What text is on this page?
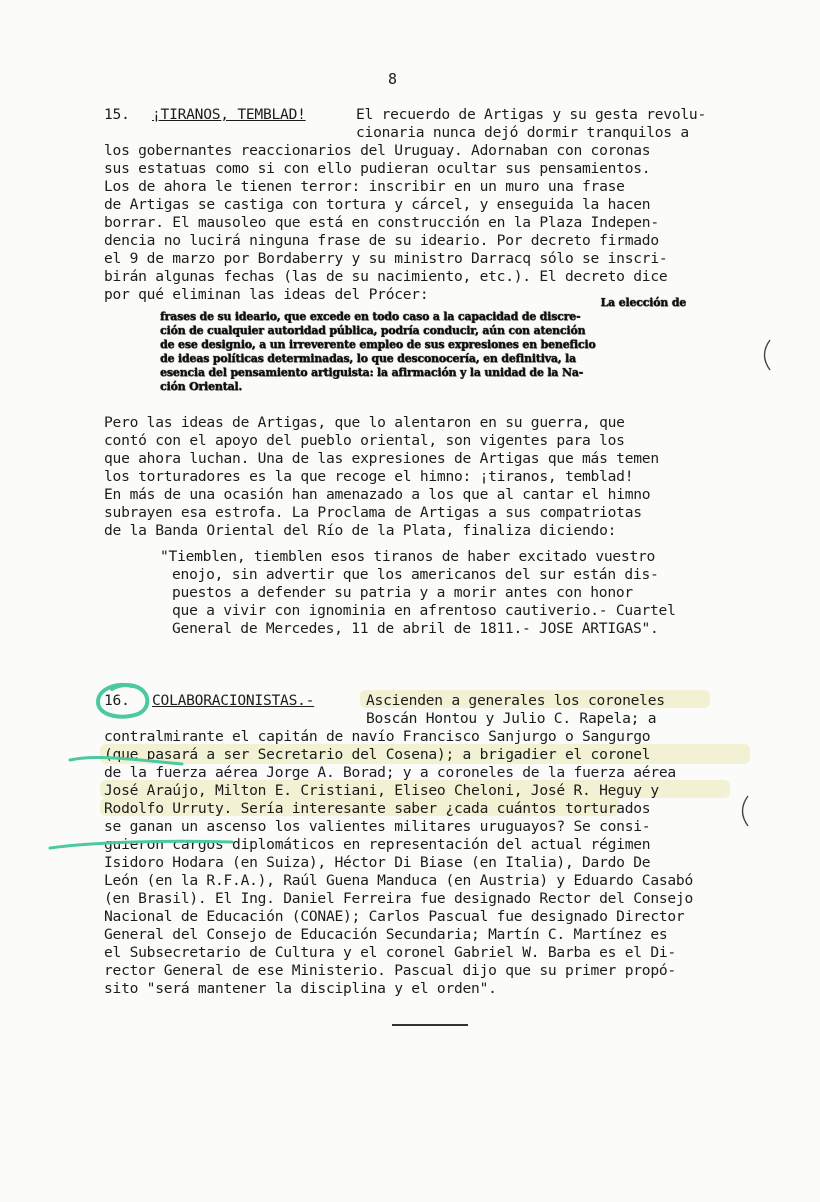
8
15. ¡TIRANOS, TEMBLAD!	El recuerdo de Artigas y su gesta revolu-
cionaria nunca dejó dormir tranquilos a
los gobernantes reaccionarios del Uruguay. Adornaban con coronas
sus estatuas como si con ello pudieran ocultar sus pensamientos.
Los de ahora le tienen terror: inscribir en un muro una frase
de Artigas se castiga con tortura y cárcel, y enseguida la hacen
borrar. El mausoleo que está en construcción en la Plaza Indepen-
dencia no lucirá ninguna frase de su ideario. Por decreto firmado
el 9 de marzo por Bordaberry y su ministro Darracq sólo se inscri-
birán algunas fechas (las de su nacimiento, etc.). El decreto dice
por qué eliminan las ideas del Prócer:	La elección de
frases de su ideario, que excede en todo caso a la capacidad de discre-
ción de cualquier autoridad pública, podría conducir, aún con atención
de ese designio, a un irreverente empleo de sus expresiones en beneficio
de ideas políticas determinadas, lo que desconocería, en definitiva, la
esencia del pensamiento artiguista: la afirmación y la unidad de la Na-
ción Oriental.
Pero las ideas de Artigas, que lo alentaron en su guerra, que
contó con el apoyo del pueblo oriental, son vigentes para los
que ahora luchan. Una de las expresiones de Artigas que más temen
los torturadores es la que recoge el himno: ¡tiranos, temblad!
En más de una ocasión han amenazado a los que al cantar el himno
subrayen esa estrofa. La Proclama de Artigas a sus compatriotas
de la Banda Oriental del Río de la Plata, finaliza diciendo:
"Tiemblen, tiemblen esos tiranos de haber excitado vuestro
enojo, sin advertir que los americanos del sur están dis-
puestos a defender su patria y a morir antes con honor
que a vivir con ignominia en afrentoso cautiverio.- Cuartel
General de Mercedes, 11 de abril de 1811.- JOSE ARTIGAS".
16. COLABORACIONISTAS.-	Ascienden a generales los coroneles
Boscán Hontou y Julio C. Rapela; a
contralmirante el capitán de navío Francisco Sanjurgo o Sangurgo
(que pasará a ser Secretario del Cosena); a brigadier el coronel
de la fuerza aérea Jorge A. Borad; y a coroneles de la fuerza aérea
José Araújo, Milton E. Cristiani, Eliseo Cheloni, José R. Heguy y
Rodolfo Urruty. Sería interesante saber ¿cada cuántos torturados
se ganan un ascenso los valientes militares uruguayos? Se consi-
guieron cargos diplomáticos en representación del actual régimen
Isidoro Hodara (en Suiza), Héctor Di Biase (en Italia), Dardo De
León (en la R.F.A.), Raúl Guena Manduca (en Austria) y Eduardo Casabó
(en Brasil). El Ing. Daniel Ferreira fue designado Rector del Consejo
Nacional de Educación (CONAE); Carlos Pascual fue designado Director
General del Consejo de Educación Secundaria; Martín C. Martínez es
el Subsecretario de Cultura y el coronel Gabriel W. Barba es el Di-
rector General de ese Ministerio. Pascual dijo que su primer propó-
sito "será mantener la disciplina y el orden".
